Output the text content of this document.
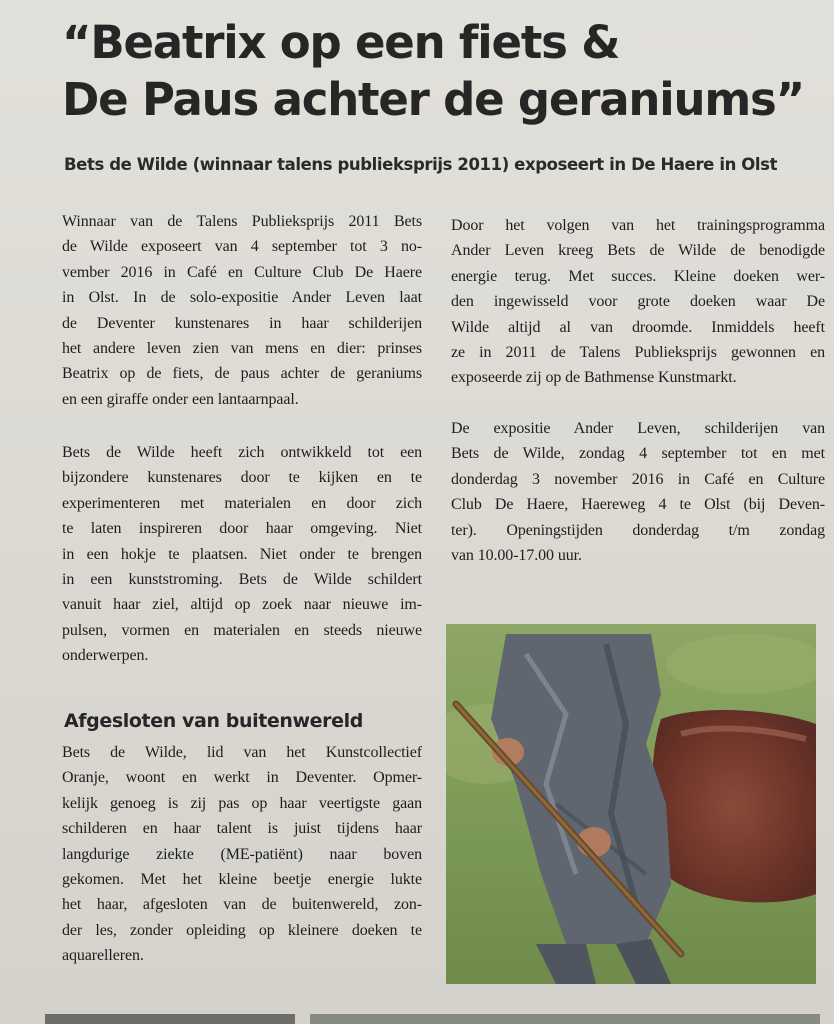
“Beatrix op een fiets &
De Paus achter de geraniums”
Bets de Wilde (winnaar talens publieksprijs 2011) exposeert in De Haere in Olst
Winnaar van de Talens Publieksprijs 2011 Bets
de Wilde exposeert van 4 september tot 3 no-
vember 2016 in Café en Culture Club De Haere
in Olst. In de solo-expositie Ander Leven laat
de Deventer kunstenares in haar schilderijen
het andere leven zien van mens en dier: prinses
Beatrix op de fiets, de paus achter de geraniums
en een giraffe onder een lantaarnpaal.
Bets de Wilde heeft zich ontwikkeld tot een
bijzondere kunstenares door te kijken en te
experimenteren met materialen en door zich
te laten inspireren door haar omgeving. Niet
in een hokje te plaatsen. Niet onder te brengen
in een kunststroming. Bets de Wilde schildert
vanuit haar ziel, altijd op zoek naar nieuwe im-
pulsen, vormen en materialen en steeds nieuwe
onderwerpen.
Afgesloten van buitenwereld
Bets de Wilde, lid van het Kunstcollectief
Oranje, woont en werkt in Deventer. Opmer-
kelijk genoeg is zij pas op haar veertigste gaan
schilderen en haar talent is juist tijdens haar
langdurige ziekte (ME-patiënt) naar boven
gekomen. Met het kleine beetje energie lukte
het haar, afgesloten van de buitenwereld, zon-
der les, zonder opleiding op kleinere doeken te
aquarelleren.
Door het volgen van het trainingsprogramma
Ander Leven kreeg Bets de Wilde de benodigde
energie terug. Met succes. Kleine doeken wer-
den ingewisseld voor grote doeken waar De
Wilde altijd al van droomde. Inmiddels heeft
ze in 2011 de Talens Publieksprijs gewonnen en
exposeerde zij op de Bathmense Kunstmarkt.
De expositie Ander Leven, schilderijen van
Bets de Wilde, zondag 4 september tot en met
donderdag 3 november 2016 in Café en Culture
Club De Haere, Haereweg 4 te Olst (bij Deven-
ter). Openingstijden donderdag t/m zondag
van 10.00-17.00 uur.
